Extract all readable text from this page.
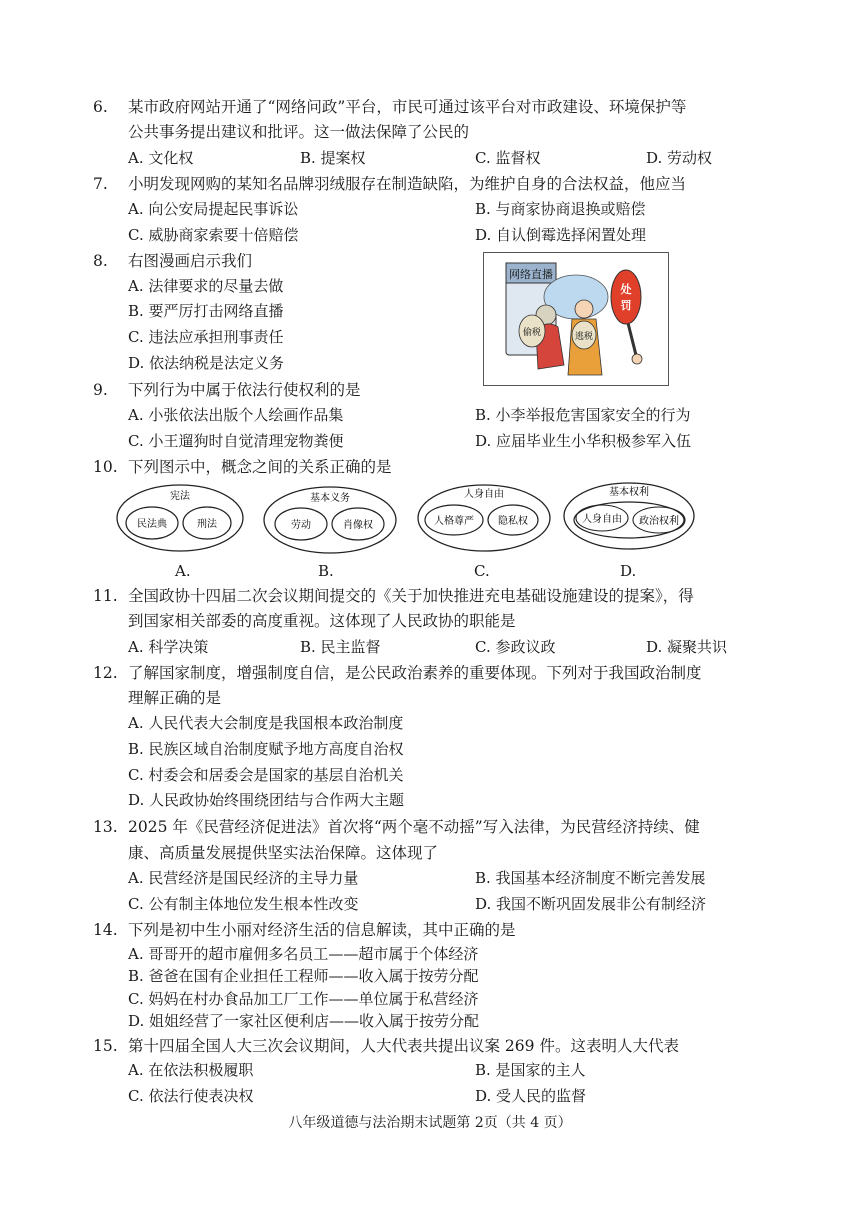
6. 某市政府网站开通了“网络问政”平台，市民可通过该平台对市政建设、环境保护等
公共事务提出建议和批评。这一做法保障了公民的
A. 文化权	B. 提案权	C. 监督权	D. 劳动权
7. 小明发现网购的某知名品牌羽绒服存在制造缺陷，为维护自身的合法权益，他应当
A. 向公安局提起民事诉讼	B. 与商家协商退换或赔偿
C. 威胁商家索要十倍赔偿	D. 自认倒霉选择闲置处理
8. 右图漫画启示我们
A. 法律要求的尽量去做
B. 要严厉打击网络直播
C. 违法应承担刑事责任
D. 依法纳税是法定义务
网络直播
偷税	逃税
处
罚
9. 下列行为中属于依法行使权利的是
A. 小张依法出版个人绘画作品集	B. 小李举报危害国家安全的行为
C. 小王遛狗时自觉清理宠物粪便	D. 应届毕业生小华积极参军入伍
10. 下列图示中，概念之间的关系正确的是
宪法
民法典	刑法
基本义务
劳动	肖像权
人身自由
人格尊严 隐私权
基本权利
人身自由 政治权利
A.	B.	C.	D.
11. 全国政协十四届二次会议期间提交的《关于加快推进充电基础设施建设的提案》，得
到国家相关部委的高度重视。这体现了人民政协的职能是
A. 科学决策	B. 民主监督	C. 参政议政	D. 凝聚共识
12. 了解国家制度，增强制度自信，是公民政治素养的重要体现。下列对于我国政治制度
理解正确的是
A. 人民代表大会制度是我国根本政治制度
B. 民族区域自治制度赋予地方高度自治权
C. 村委会和居委会是国家的基层自治机关
D. 人民政协始终围绕团结与合作两大主题
13. 2025 年《民营经济促进法》首次将“两个毫不动摇”写入法律，为民营经济持续、健
康、高质量发展提供坚实法治保障。这体现了
A. 民营经济是国民经济的主导力量	B. 我国基本经济制度不断完善发展
C. 公有制主体地位发生根本性改变	D. 我国不断巩固发展非公有制经济
14. 下列是初中生小丽对经济生活的信息解读，其中正确的是
A. 哥哥开的超市雇佣多名员工——超市属于个体经济
B. 爸爸在国有企业担任工程师——收入属于按劳分配
C. 妈妈在村办食品加工厂工作——单位属于私营经济
D. 姐姐经营了一家社区便利店——收入属于按劳分配
15. 第十四届全国人大三次会议期间，人大代表共提出议案 269 件。这表明人大代表
A. 在依法积极履职	B. 是国家的主人
C. 依法行使表决权	D. 受人民的监督
八年级道德与法治期末试题第 2页（共 4 页）
